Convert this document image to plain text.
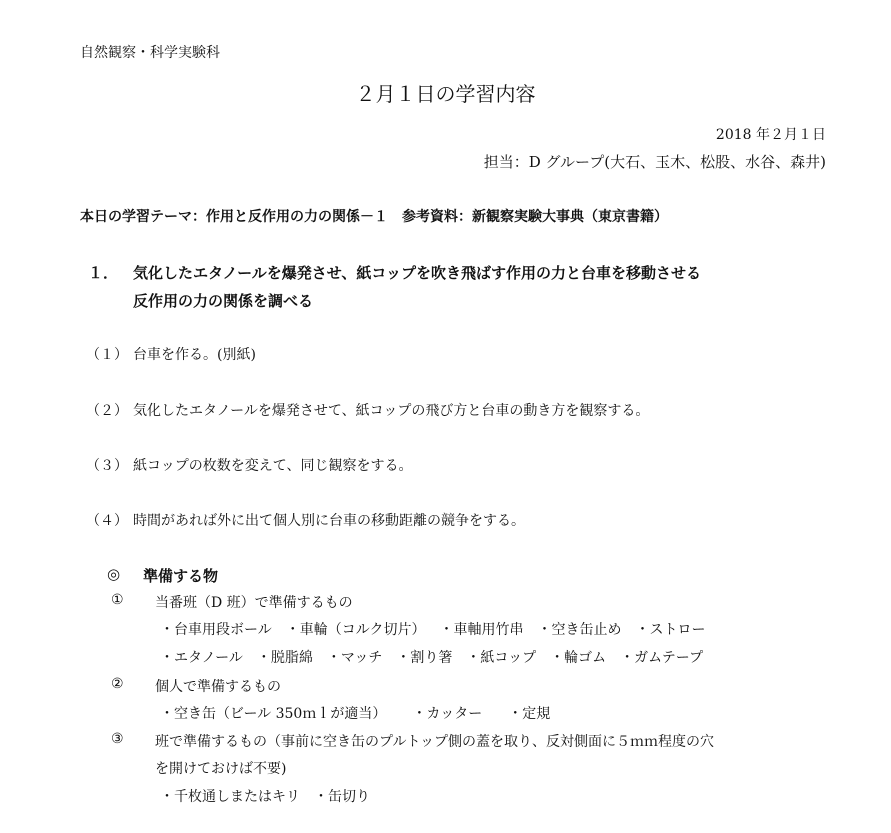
自然観察・科学実験科
２月１日の学習内容
2018 年２月１日
担当：D グループ(大石、玉木、松股、水谷、森井)
本日の学習テーマ：作用と反作用の力の関係－１　参考資料：新観察実験大事典（東京書籍）
１． 気化したエタノールを爆発させ、紙コップを吹き飛ばす作用の力と台車を移動させる
反作用の力の関係を調べる
（１） 台車を作る。(別紙)
（２） 気化したエタノールを爆発させて、紙コップの飛び方と台車の動き方を観察する。
（３） 紙コップの枚数を変えて、同じ観察をする。
（４） 時間があれば外に出て個人別に台車の移動距離の競争をする。
◎ 準備する物
① 当番班（D 班）で準備するもの
・台車用段ボール ・車輪（コルク切片） ・車軸用竹串 ・空き缶止め ・ストロー
・エタノール ・脱脂綿 ・マッチ ・割り箸 ・紙コップ ・輪ゴム ・ガムテープ
② 個人で準備するもの
・空き缶（ビール 350ｍｌが適当） ・カッター ・定規
③ 班で準備するもの（事前に空き缶のプルトップ側の蓋を取り、反対側面に５ｍｍ程度の穴
を開けておけば不要)
・千枚通しまたはキリ ・缶切り
